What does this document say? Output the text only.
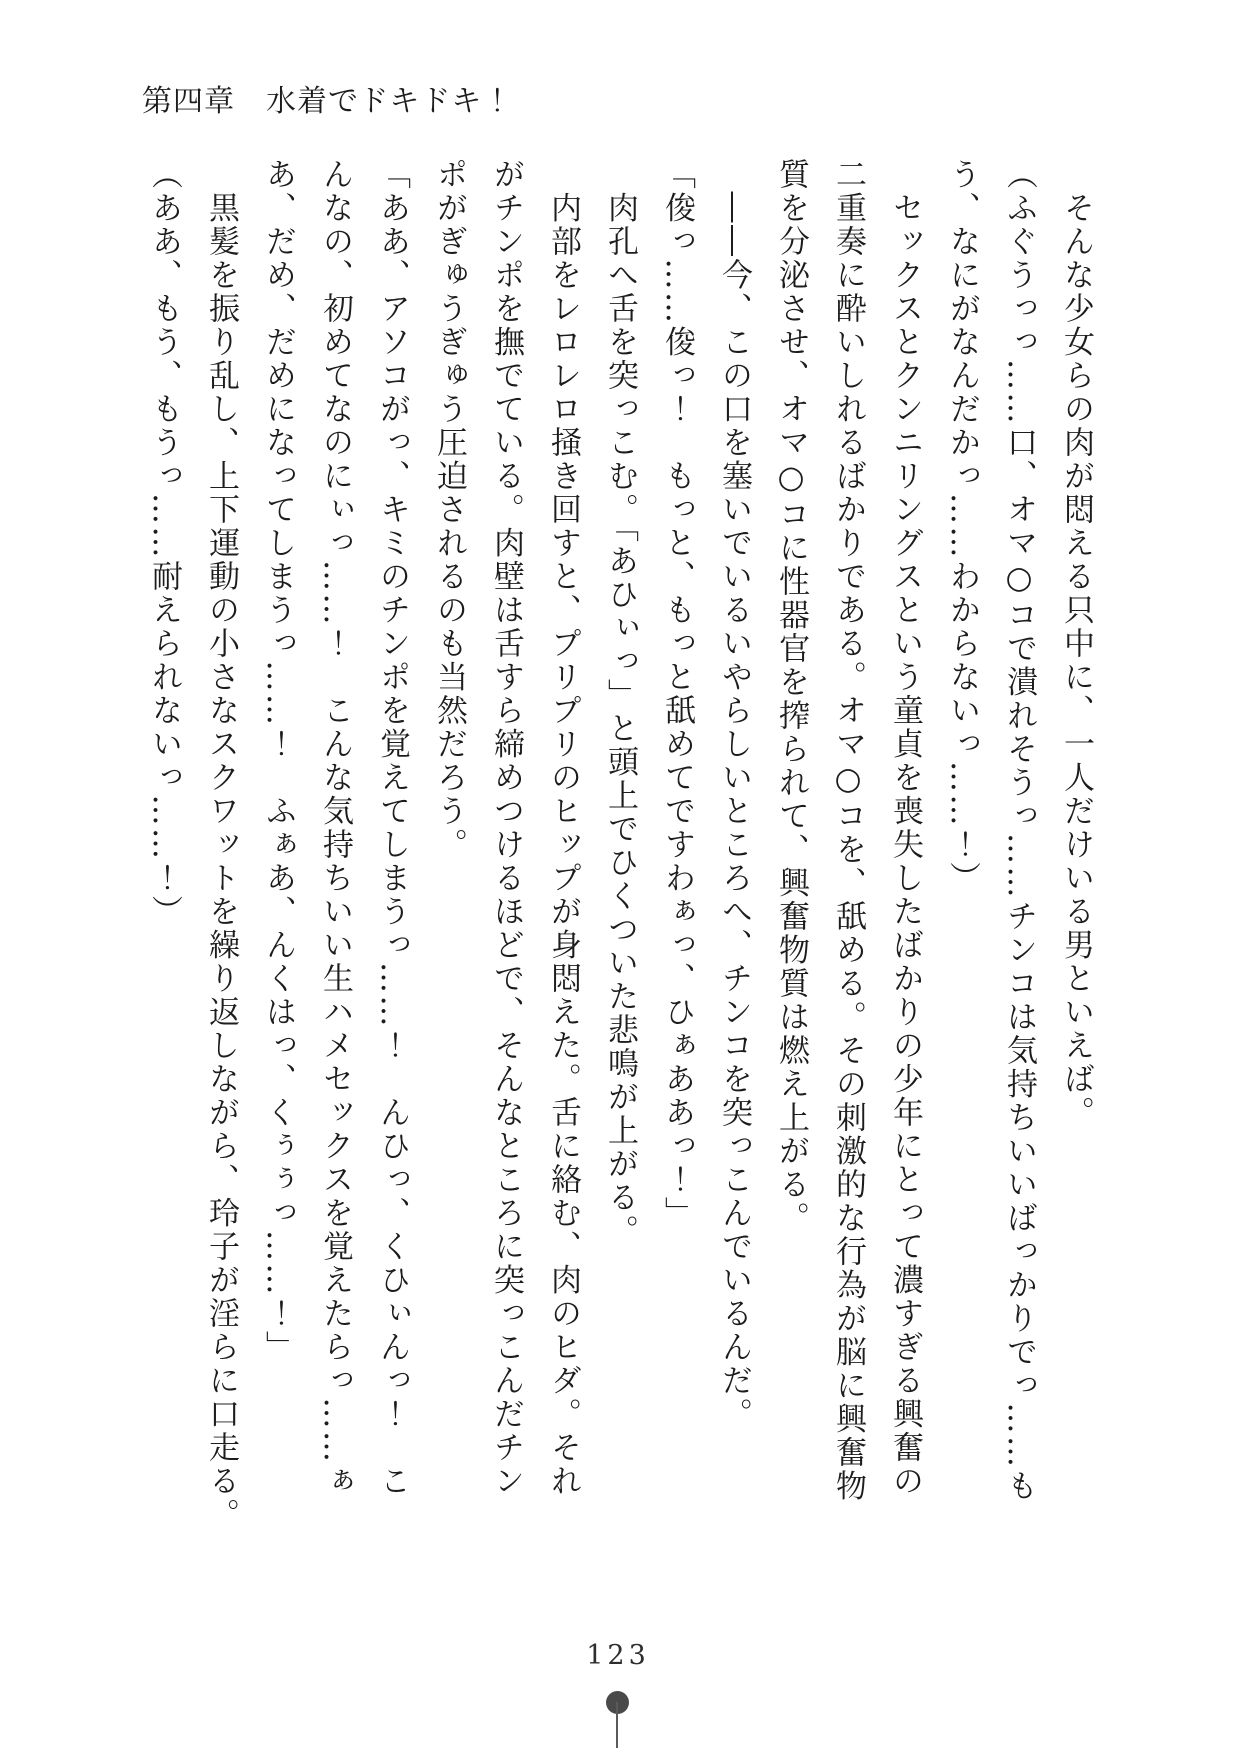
第四章　水着でドキドキ！

　そんな少女らの肉が悶える只中に、一人だけいる男といえば。

（ふぐうっっ……口、オマ○コで潰れそうっ……チンコは気持ちいいばっかりでっ……も

う、なにがなんだかっ……わからないっ……！）

　セックスとクンニリングスという童貞を喪失したばかりの少年にとって濃すぎる興奮の

二重奏に酔いしれるばかりである。オマ○コを、舐める。その刺激的な行為が脳に興奮物

質を分泌させ、オマ○コに性器官を搾られて、興奮物質は燃え上がる。

　――今、この口を塞いでいるいやらしいところへ、チンコを突っこんでいるんだ。

「俊っ……俊っ！　もっと、もっと舐めてですわぁっ、ひぁああっ！」

　肉孔へ舌を突っこむ。「あひぃっ」と頭上でひくついた悲鳴が上がる。

　内部をレロレロ掻き回すと、プリプリのヒップが身悶えた。舌に絡む、肉のヒダ。それ

がチンポを撫でている。肉壁は舌すら締めつけるほどで、そんなところに突っこんだチン

ポがぎゅうぎゅう圧迫されるのも当然だろう。

「ああ、アソコがっ、キミのチンポを覚えてしまうっ……！　んひっ、くひぃんっ！　こ

んなの、初めてなのにぃっ……！　こんな気持ちいい生ハメセックスを覚えたらっ……ぁ

あ、だめ、だめになってしまうっ……！　ふぁあ、んくはっ、くぅぅっ……！」

　黒髪を振り乱し、上下運動の小さなスクワットを繰り返しながら、玲子が淫らに口走る。

（ああ、もう、もうっ……耐えられないっ……！）

123
